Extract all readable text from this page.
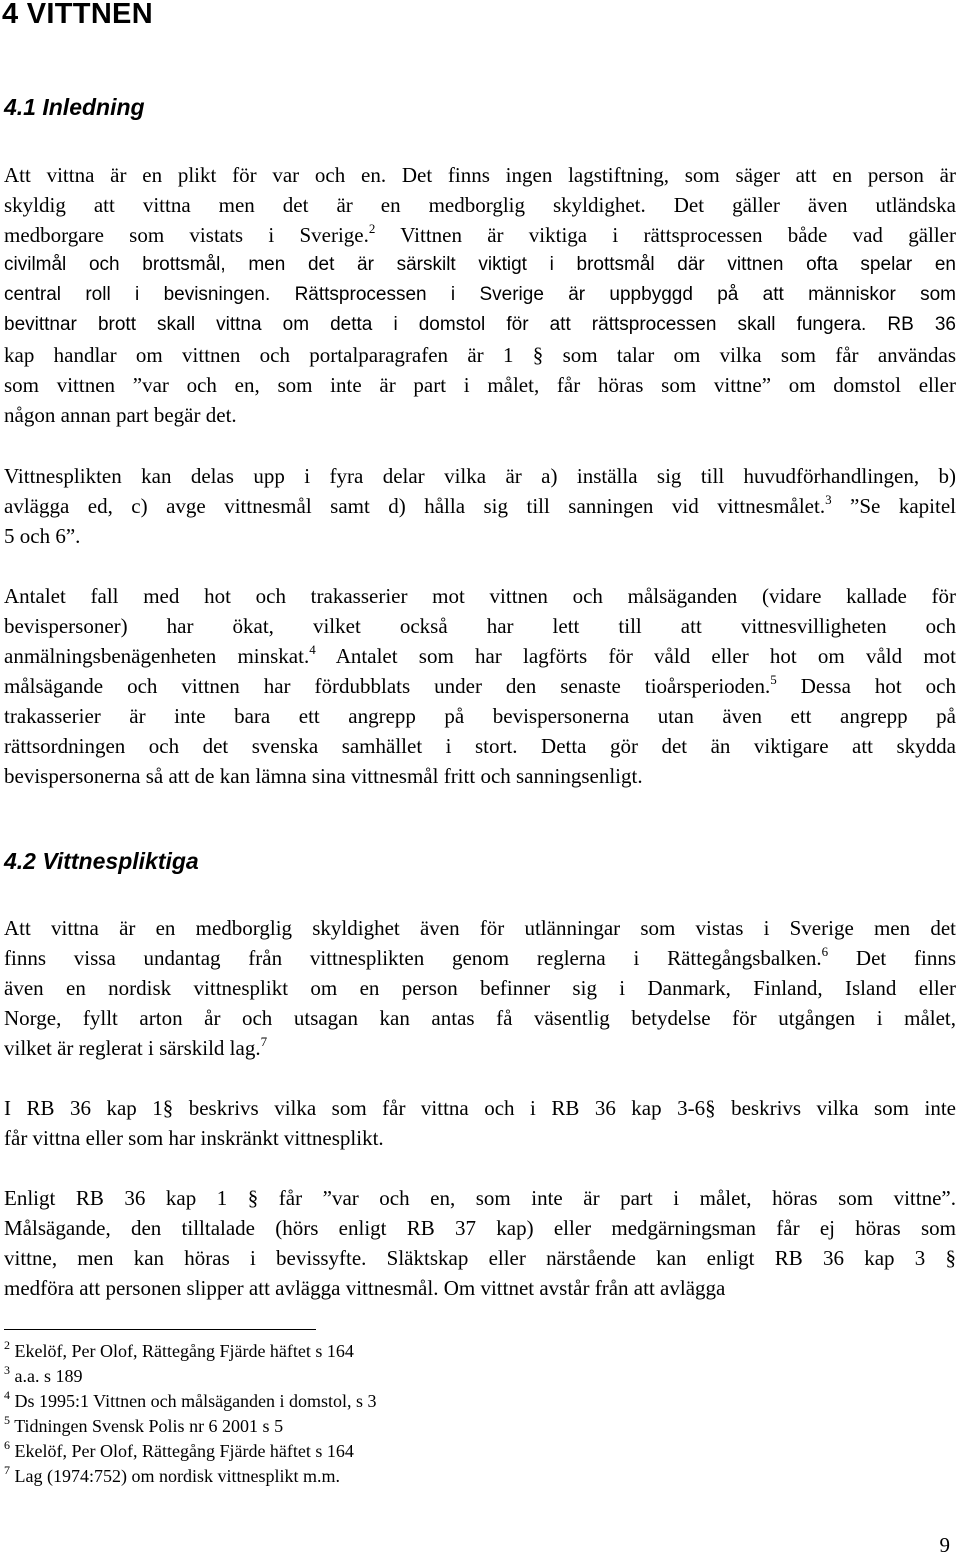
4 VITTNEN
4.1 Inledning
Att vittna är en plikt för var och en. Det finns ingen lagstiftning, som säger att en person är
skyldig att vittna men det är en medborglig skyldighet. Det gäller även utländska
medborgare som vistats i Sverige.$^2$ Vittnen är viktiga i rättsprocessen både vad gäller
civilmål och brottsmål, men det är särskilt viktigt i brottsmål där vittnen ofta spelar en
central roll i bevisningen. Rättsprocessen i Sverige är uppbyggd på att människor som
bevittnar brott skall vittna om detta i domstol för att rättsprocessen skall fungera. RB 36
kap handlar om vittnen och portalparagrafen är 1 § som talar om vilka som får användas
som vittnen ”var och en, som inte är part i målet, får höras som vittne” om domstol eller
någon annan part begär det.
Vittnesplikten kan delas upp i fyra delar vilka är a) inställa sig till huvudförhandlingen, b)
avlägga ed, c) avge vittnesmål samt d) hålla sig till sanningen vid vittnesmålet.$^3$ ”Se kapitel
5 och 6”.
Antalet fall med hot och trakasserier mot vittnen och målsäganden (vidare kallade för
bevispersoner) har ökat, vilket också har lett till att vittnesvilligheten och
anmälningsbenägenheten minskat.$^4$ Antalet som har lagförts för våld eller hot om våld mot
målsägande och vittnen har fördubblats under den senaste tioårsperioden.$^5$ Dessa hot och
trakasserier är inte bara ett angrepp på bevispersonerna utan även ett angrepp på
rättsordningen och det svenska samhället i stort. Detta gör det än viktigare att skydda
bevispersonerna så att de kan lämna sina vittnesmål fritt och sanningsenligt.
4.2 Vittnespliktiga
Att vittna är en medborglig skyldighet även för utlänningar som vistas i Sverige men det
finns vissa undantag från vittnesplikten genom reglerna i Rättegångsbalken.$^6$ Det finns
även en nordisk vittnesplikt om en person befinner sig i Danmark, Finland, Island eller
Norge, fyllt arton år och utsagan kan antas få väsentlig betydelse för utgången i målet,
vilket är reglerat i särskild lag.$^7$
I RB 36 kap 1§ beskrivs vilka som får vittna och i RB 36 kap 3-6§ beskrivs vilka som inte
får vittna eller som har inskränkt vittnesplikt.
Enligt RB 36 kap 1 § får ”var och en, som inte är part i målet, höras som vittne”.
Målsägande, den tilltalade (hörs enligt RB 37 kap) eller medgärningsman får ej höras som
vittne, men kan höras i bevissyfte. Släktskap eller närstående kan enligt RB 36 kap 3 §
medföra att personen slipper att avlägga vittnesmål. Om vittnet avstår från att avlägga
$^2$ Ekelöf, Per Olof, Rättegång Fjärde häftet s 164
$^3$ a.a. s 189
$^4$ Ds 1995:1 Vittnen och målsäganden i domstol, s 3
$^5$ Tidningen Svensk Polis nr 6 2001 s 5
$^6$ Ekelöf, Per Olof, Rättegång Fjärde häftet s 164
$^7$ Lag (1974:752) om nordisk vittnesplikt m.m.
9
